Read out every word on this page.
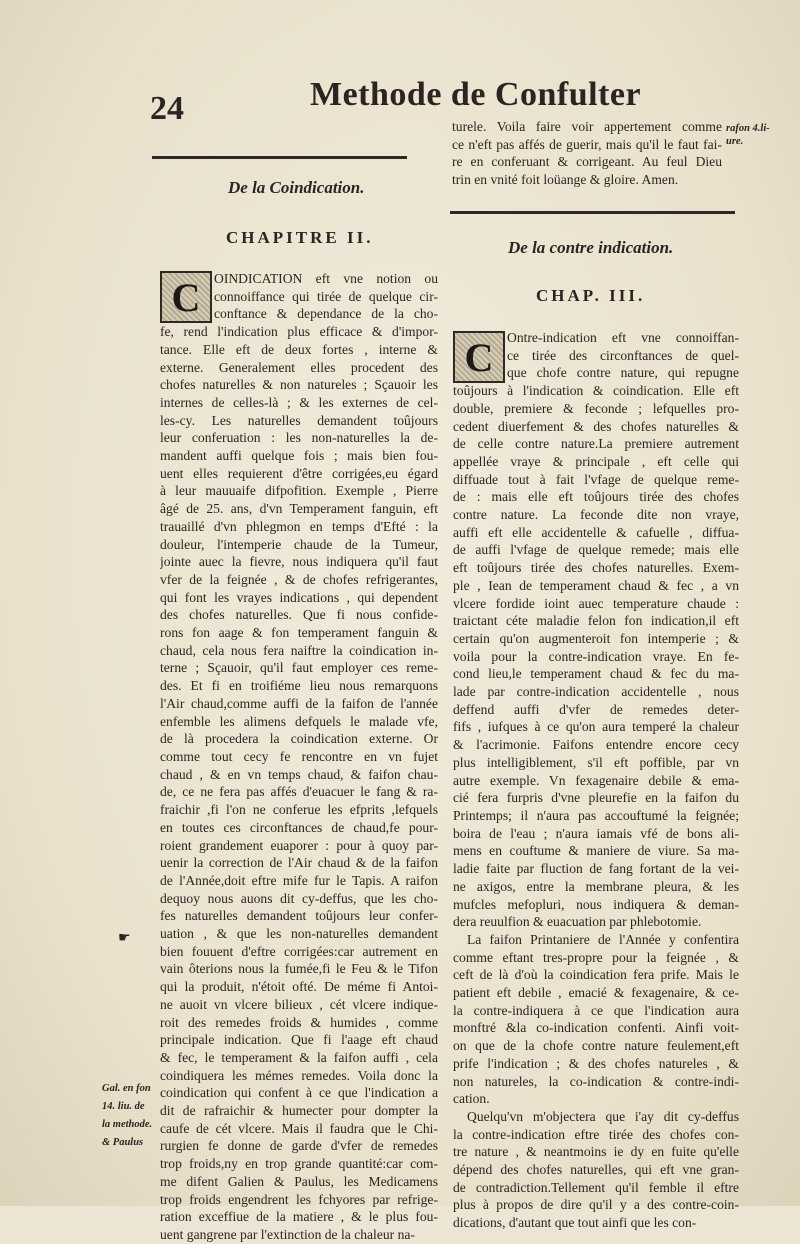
24	Methode de Confulter
turele. Voila faire voir appertement comme
ce n'eft pas affés de guerir, mais qu'il le faut fai-
re en conferuant & corrigeant. Au feul Dieu
trin en vnité foit loüange & gloire. Amen.
rafon 4.li-
ure.
De la Coindication.
CHAPITRE II.
C OINDICATION eft vne notion ou
connoiffance qui tirée de quelque cir-
conftance & dependance de la cho-
fe, rend l'indication plus efficace & d'impor-
tance. Elle eft de deux fortes , interne &
externe. Generalement elles procedent des
chofes naturelles & non natureles ; Sçauoir les
internes de celles-là ; & les externes de cel-
les-cy. Les naturelles demandent toûjours
leur conferuation : les non-naturelles la de-
mandent auffi quelque fois ; mais bien fou-
uent elles requierent d'être corrigées,eu égard
à leur mauuaife difpofition. Exemple , Pierre
âgé de 25. ans, d'vn Temperament fanguin, eft
trauaillé d'vn phlegmon en temps d'Efté : la
douleur, l'intemperie chaude de la Tumeur,
jointe auec la fievre, nous indiquera qu'il faut
vfer de la feignée , & de chofes refrigerantes,
qui font les vrayes indications , qui dependent
des chofes naturelles. Que fi nous confide-
rons fon aage & fon temperament fanguin &
chaud, cela nous fera naiftre la coindication in-
terne ; Sçauoir, qu'il faut employer ces reme-
des. Et fi en troifiéme lieu nous remarquons
l'Air chaud,comme auffi de la faifon de l'année
enfemble les alimens defquels le malade vfe,
de là procedera la coindication externe. Or
comme tout cecy fe rencontre en vn fujet
chaud , & en vn temps chaud, & faifon chau-
de, ce ne fera pas affés d'euacuer le fang & ra-
fraichir ,fi l'on ne conferue les efprits ,lefquels
en toutes ces circonftances de chaud,fe pour-
roient grandement euaporer : pour à quoy par-
uenir la correction de l'Air chaud & de la faifon
de l'Année,doit eftre mife fur le Tapis. A raifon
dequoy nous auons dit cy-deffus, que les cho-
fes naturelles demandent toûjours leur confer-
uation , & que les non-naturelles demandent
bien fouuent d'eftre corrigées:car autrement en
vain ôterions nous la fumée,fi le Feu & le Tifon
qui la produit, n'étoit ofté. De méme fi Antoi-
ne auoit vn vlcere bilieux , cét vlcere indique-
roit des remedes froids & humides , comme
principale indication. Que fi l'aage eft chaud
& fec, le temperament & la faifon auffi , cela
coindiquera les mémes remedes. Voila donc la
coindication qui confent à ce que l'indication a
dit de rafraichir & humecter pour dompter la
caufe de cét vlcere. Mais il faudra que le Chi-
rurgien fe donne de garde d'vfer de remedes
trop froids,ny en trop grande quantité:car com-
me difent Galien & Paulus, les Medicamens
trop froids engendrent les fchyores par refrige-
ration exceffiue de la matiere , & le plus fou-
uent gangrene par l'extinction de la chaleur na-
Gal. en fon
14. liu. de
la methode.
& Paulus
☛
De la contre indication.
CHAP. III.
C Ontre-indication eft vne connoiffan-
ce tirée des circonftances de quel-
que chofe contre nature, qui repugne
toûjours à l'indication & coindication. Elle eft
double, premiere & feconde ; lefquelles pro-
cedent diuerfement & des chofes naturelles &
de celle contre nature.La premiere autrement
appellée vraye & principale , eft celle qui
diffuade tout à fait l'vfage de quelque reme-
de : mais elle eft toûjours tirée des chofes
contre nature. La feconde dite non vraye,
auffi eft elle accidentelle & cafuelle , diffua-
de auffi l'vfage de quelque remede; mais elle
eft toûjours tirée des chofes naturelles. Exem-
ple , Iean de temperament chaud & fec , a vn
vlcere fordide ioint auec temperature chaude :
traictant céte maladie felon fon indication,il eft
certain qu'on augmenteroit fon intemperie ; &
voila pour la contre-indication vraye. En fe-
cond lieu,le temperament chaud & fec du ma-
lade par contre-indication accidentelle , nous
deffend auffi d'vfer de remedes deter-
fifs , iufques à ce qu'on aura temperé la chaleur
& l'acrimonie. Faifons entendre encore cecy
plus intelligiblement, s'il eft poffible, par vn
autre exemple. Vn fexagenaire debile & ema-
cié fera furpris d'vne pleurefie en la faifon du
Printemps; il n'aura pas accouftumé la feignée;
boira de l'eau ; n'aura iamais vfé de bons ali-
mens en couftume & maniere de viure. Sa ma-
ladie faite par fluction de fang fortant de la vei-
ne axigos, entre la membrane pleura, & les
mufcles mefopluri, nous indiquera & deman-
dera reuulfion & euacuation par phlebotomie.
La faifon Printaniere de l'Année y confentira
comme eftant tres-propre pour la feignée , &
ceft de là d'où la coindication fera prife. Mais le
patient eft debile , emacié & fexagenaire, & ce-
la contre-indiquera à ce que l'indication aura
monftré &la co-indication confenti. Ainfi voit-
on que de la chofe contre nature feulement,eft
prife l'indication ; & des chofes natureles , &
non natureles, la co-indication & contre-indi-
cation.
Quelqu'vn m'objectera que i'ay dit cy-deffus
la contre-indication eftre tirée des chofes con-
tre nature , & neantmoins ie dy en fuite qu'elle
dépend des chofes naturelles, qui eft vne gran-
de contradiction.Tellement qu'il femble il eftre
plus à propos de dire qu'il y a des contre-coin-
dications, d'autant que tout ainfi que les con-
